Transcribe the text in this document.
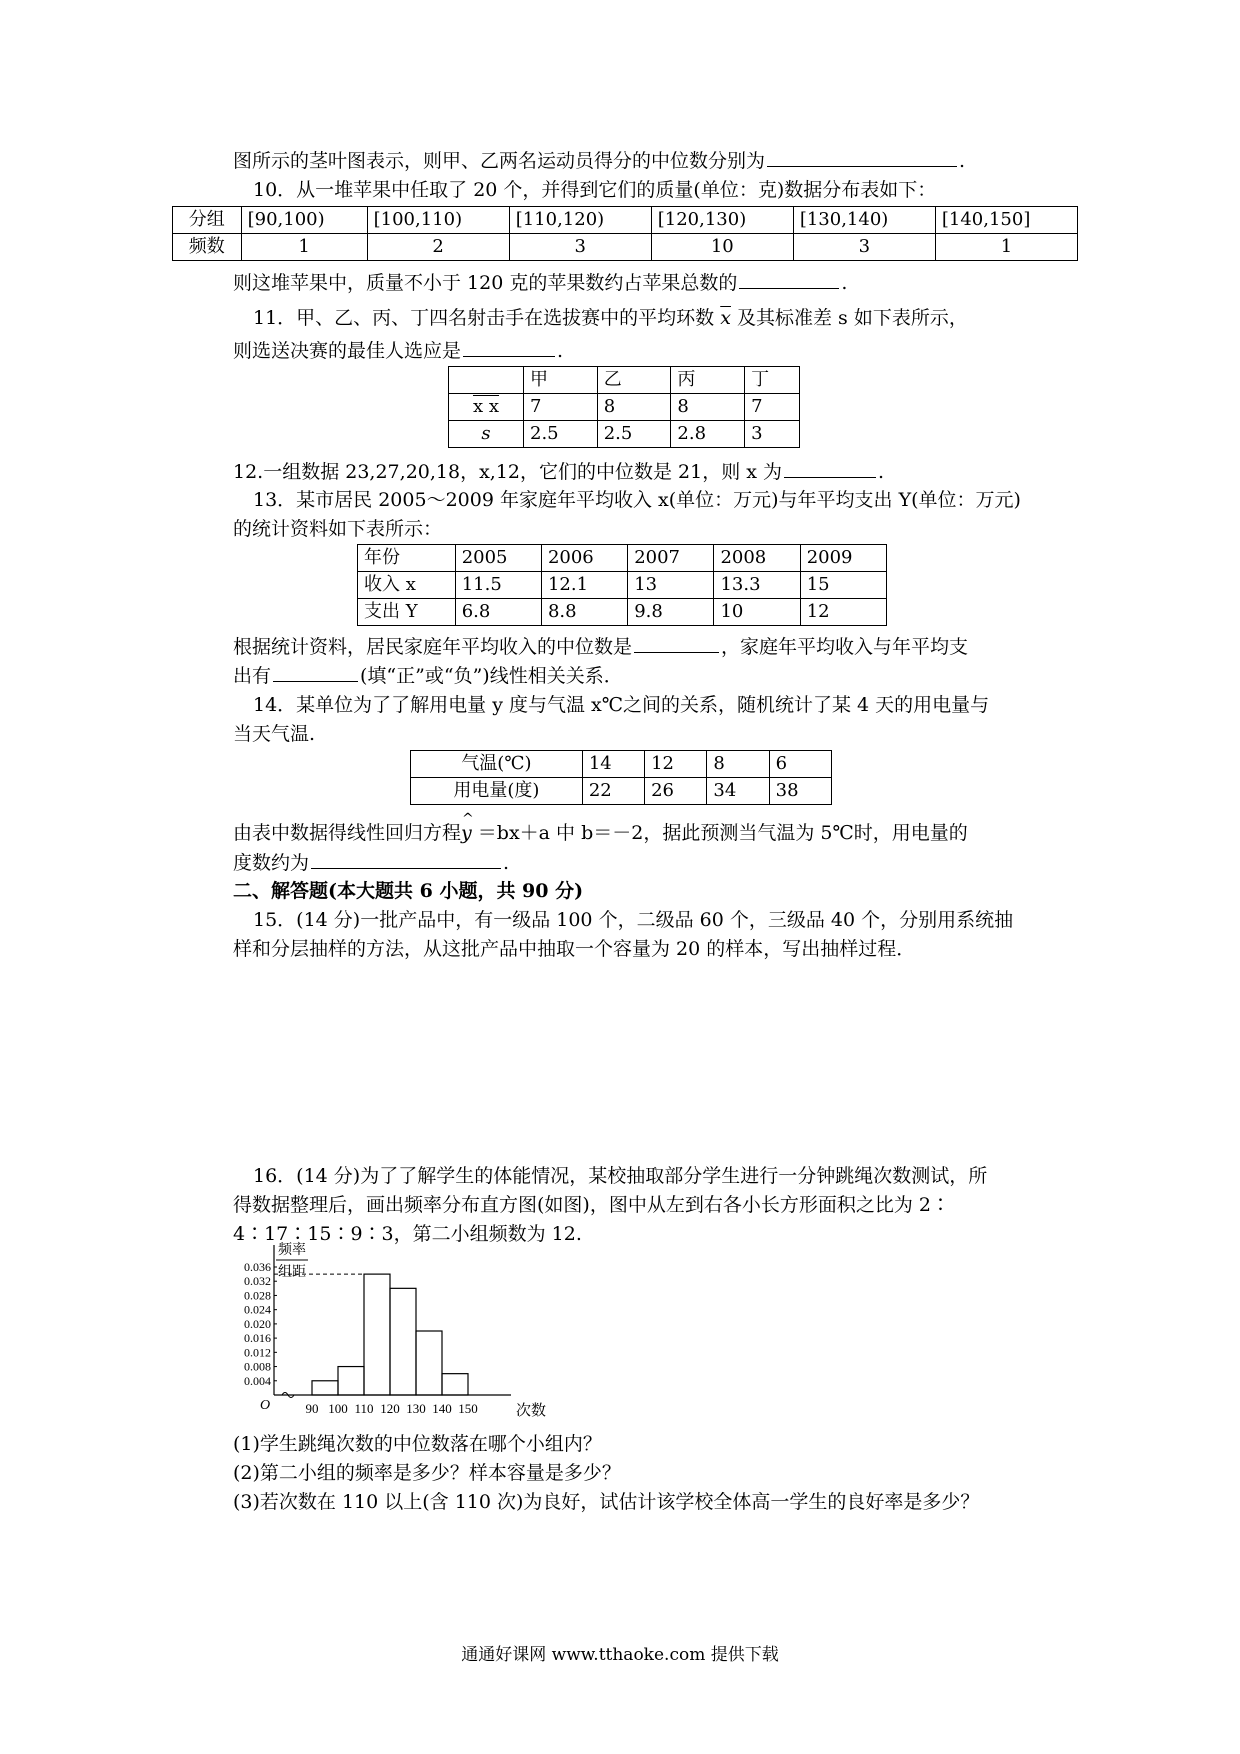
图所示的茎叶图表示，则甲、乙两名运动员得分的中位数分别为	.
10．从一堆苹果中任取了 20 个，并得到它们的质量(单位：克)数据分布表如下：
分组	[90,100)	[100,110)	[110,120)	[120,130)	[130,140)	[140,150]
频数	1	2	3	10	3	1
则这堆苹果中，质量不小于 120 克的苹果数约占苹果总数的	.
11．甲、乙、丙、丁四名射击手在选拔赛中的平均环数 $\overline{x}$ 及其标准差 s 如下表所示，
则选送决赛的最佳人选应是	.
	甲	乙	丙	丁
x x	7	8	8	7
s	2.5	2.5	2.8	3
12.一组数据 23,27,20,18，x,12，它们的中位数是 21，则 x 为	.
13．某市居民 2005～2009 年家庭年平均收入 x(单位：万元)与年平均支出 Y(单位：万元)
的统计资料如下表所示：
年份	2005	2006	2007	2008	2009
收入 x	11.5	12.1	13	13.3	15
支出 Y	6.8	8.8	9.8	10	12
根据统计资料，居民家庭年平均收入的中位数是	，家庭年平均收入与年平均支
出有	(填“正”或“负”)线性相关关系．
14．某单位为了了解用电量 y 度与气温 x℃之间的关系，随机统计了某 4 天的用电量与
当天气温.
气温(℃)	14	12	8	6
用电量(度)	22	26	34	38
由表中数据得线性回归方程
^
y ＝bx＋a 中 b＝－2，据此预测当气温为 5℃时，用电量的
度数约为	.
二、解答题(本大题共 6 小题，共 90 分)
15．(14 分)一批产品中，有一级品 100 个，二级品 60 个，三级品 40 个，分别用系统抽
样和分层抽样的方法，从这批产品中抽取一个容量为 20 的样本，写出抽样过程．
16．(14 分)为了了解学生的体能情况，某校抽取部分学生进行一分钟跳绳次数测试，所
得数据整理后，画出频率分布直方图(如图)，图中从左到右各小长方形面积之比为 2∶
4∶17∶15∶9∶3，第二小组频数为 12.
频率
组距
0.036
0.032
0.028
0.024
0.020
0.016
0.012
0.008
0.004
90 100 110 120 130 140 150
O	次数
(1)学生跳绳次数的中位数落在哪个小组内？
(2)第二小组的频率是多少？样本容量是多少？
(3)若次数在 110 以上(含 110 次)为良好，试估计该学校全体高一学生的良好率是多少？
通通好课网 www.tthaoke.com 提供下载
